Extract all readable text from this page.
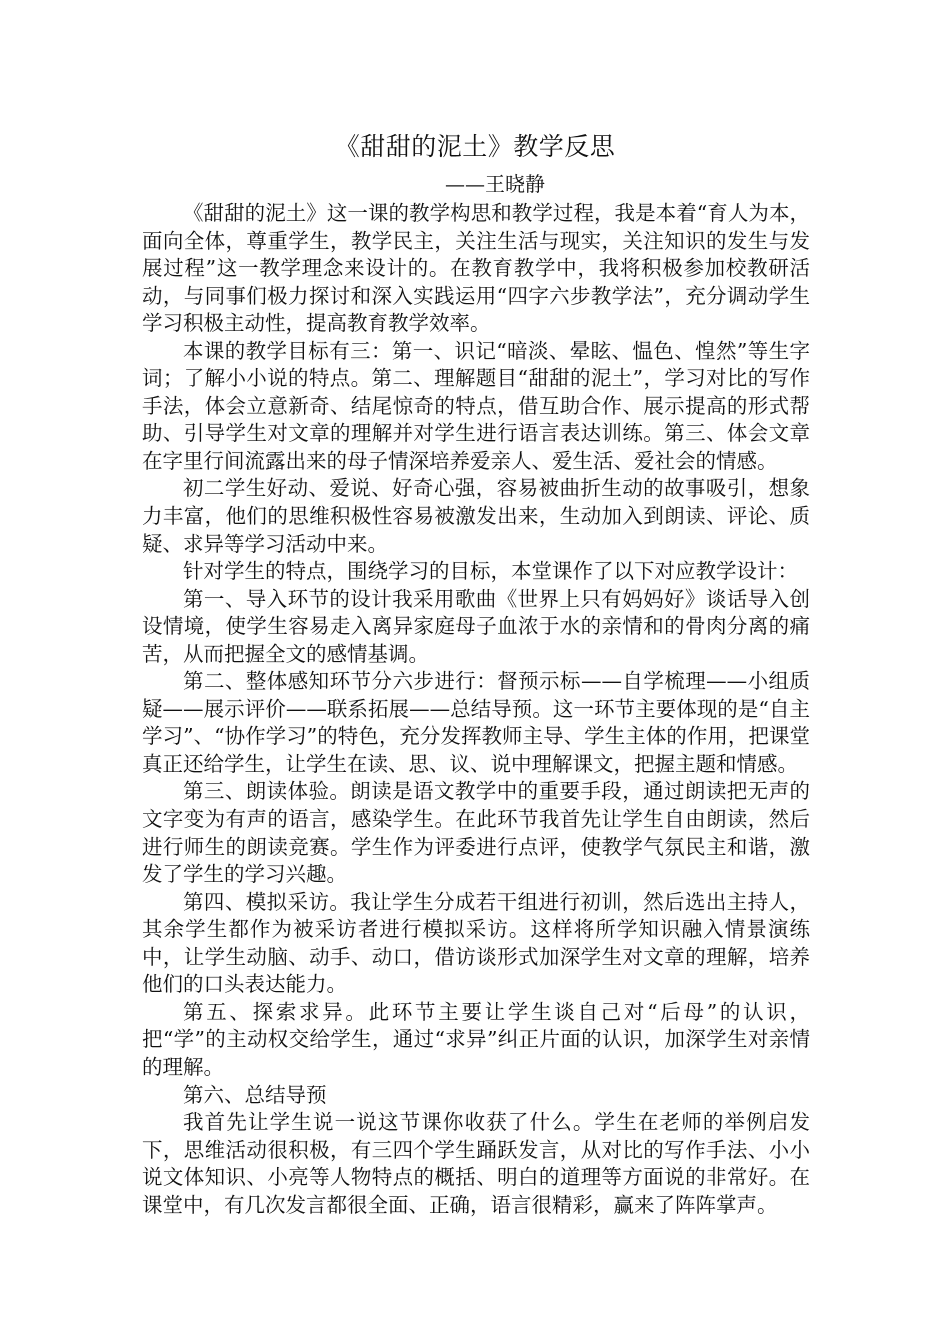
《甜甜的泥土》教学反思
——王晓静

《甜甜的泥土》这一课的教学构思和教学过程，我是本着“育人为本，面向全体，尊重学生，教学民主，关注生活与现实，关注知识的发生与发展过程”这一教学理念来设计的。在教育教学中，我将积极参加校教研活动，与同事们极力探讨和深入实践运用“四字六步教学法”，充分调动学生学习积极主动性，提高教育教学效率。

本课的教学目标有三：第一、识记“暗淡、晕眩、愠色、惶然”等生字词；了解小小说的特点。第二、理解题目“甜甜的泥土”，学习对比的写作手法，体会立意新奇、结尾惊奇的特点，借互助合作、展示提高的形式帮助、引导学生对文章的理解并对学生进行语言表达训练。第三、体会文章在字里行间流露出来的母子情深培养爱亲人、爱生活、爱社会的情感。

初二学生好动、爱说、好奇心强，容易被曲折生动的故事吸引，想象力丰富，他们的思维积极性容易被激发出来，生动加入到朗读、评论、质疑、求异等学习活动中来。

针对学生的特点，围绕学习的目标，本堂课作了以下对应教学设计：

第一、导入环节的设计我采用歌曲《世界上只有妈妈好》谈话导入创设情境，使学生容易走入离异家庭母子血浓于水的亲情和的骨肉分离的痛苦，从而把握全文的感情基调。

第二、整体感知环节分六步进行：督预示标——自学梳理——小组质疑——展示评价——联系拓展——总结导预。这一环节主要体现的是“自主学习”、“协作学习”的特色，充分发挥教师主导、学生主体的作用，把课堂真正还给学生，让学生在读、思、议、说中理解课文，把握主题和情感。

第三、朗读体验。朗读是语文教学中的重要手段，通过朗读把无声的文字变为有声的语言，感染学生。在此环节我首先让学生自由朗读，然后进行师生的朗读竞赛。学生作为评委进行点评，使教学气氛民主和谐，激发了学生的学习兴趣。

第四、模拟采访。我让学生分成若干组进行初训，然后选出主持人，其余学生都作为被采访者进行模拟采访。这样将所学知识融入情景演练中，让学生动脑、动手、动口，借访谈形式加深学生对文章的理解，培养他们的口头表达能力。

第五、探索求异。此环节主要让学生谈自己对“后母”的认识，把“学”的主动权交给学生，通过“求异”纠正片面的认识，加深学生对亲情的理解。

第六、总结导预

我首先让学生说一说这节课你收获了什么。学生在老师的举例启发下，思维活动很积极，有三四个学生踊跃发言，从对比的写作手法、小小说文体知识、小亮等人物特点的概括、明白的道理等方面说的非常好。在课堂中，有几次发言都很全面、正确，语言很精彩，赢来了阵阵掌声。
